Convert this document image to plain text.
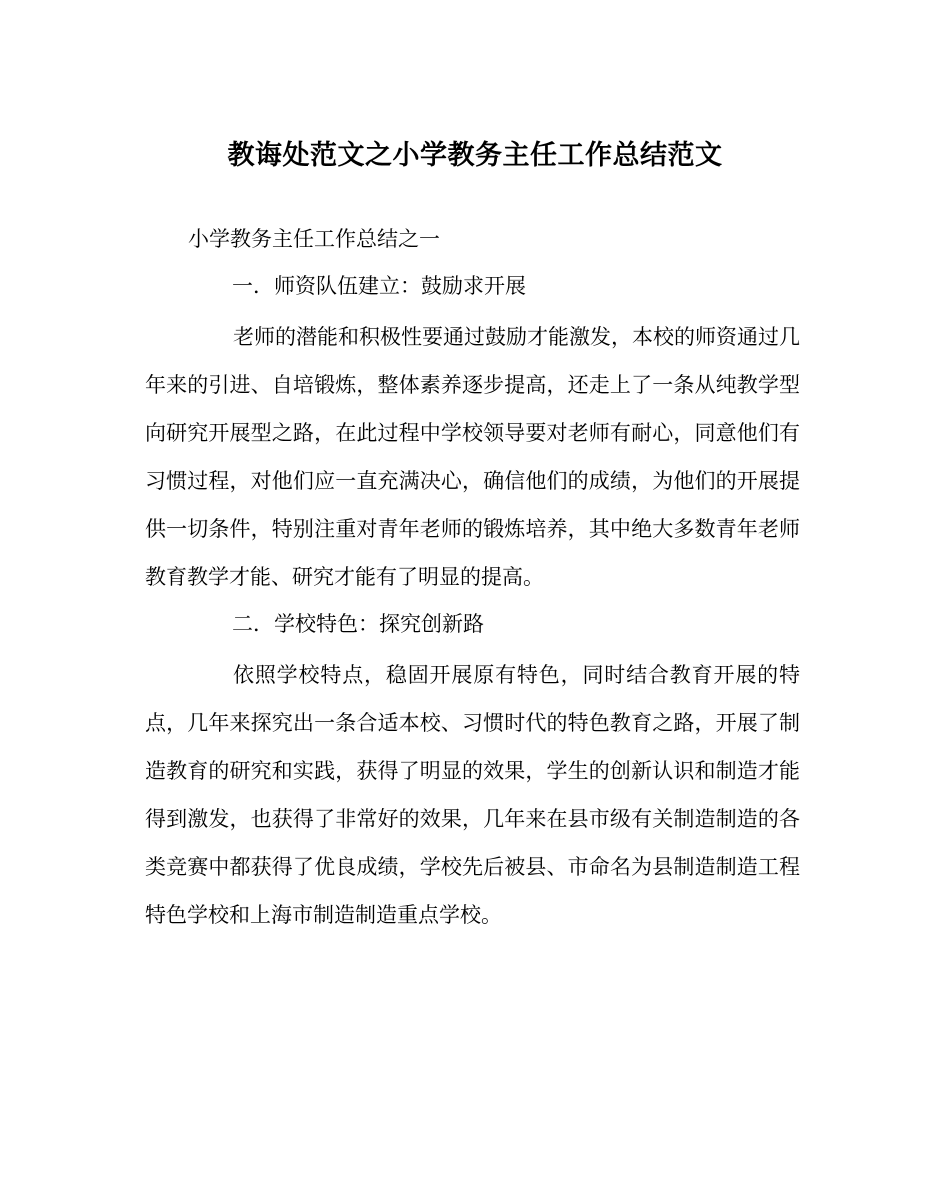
教诲处范文之小学教务主任工作总结范文
小学教务主任工作总结之一
一．师资队伍建立：鼓励求开展
老师的潜能和积极性要通过鼓励才能激发，本校的师资通过几年来的引进、自培锻炼，整体素养逐步提高，还走上了一条从纯教学型向研究开展型之路，在此过程中学校领导要对老师有耐心，同意他们有习惯过程，对他们应一直充满决心，确信他们的成绩，为他们的开展提供一切条件，特别注重对青年老师的锻炼培养，其中绝大多数青年老师教育教学才能、研究才能有了明显的提高。
二．学校特色：探究创新路
依照学校特点，稳固开展原有特色，同时结合教育开展的特点，几年来探究出一条合适本校、习惯时代的特色教育之路，开展了制造教育的研究和实践，获得了明显的效果，学生的创新认识和制造才能得到激发，也获得了非常好的效果，几年来在县市级有关制造制造的各类竞赛中都获得了优良成绩，学校先后被县、市命名为县制造制造工程特色学校和上海市制造制造重点学校。
